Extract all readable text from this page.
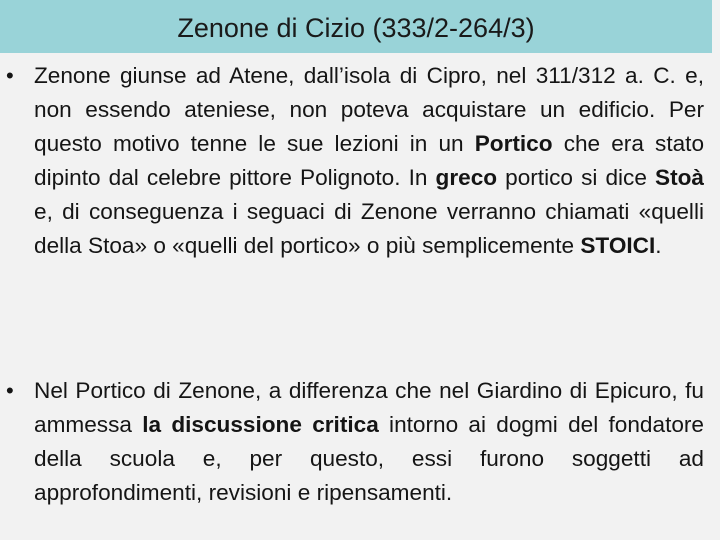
Zenone di Cizio (333/2-264/3)
• Zenone giunse ad Atene, dall’isola di Cipro, nel 311/312 a. C. e, non essendo ateniese, non poteva acquistare un edificio. Per questo motivo tenne le sue lezioni in un Portico che era stato dipinto dal celebre pittore Polignoto. In greco portico si dice Stoà e, di conseguenza i seguaci di Zenone verranno chiamati «quelli della Stoa» o «quelli del portico» o più semplicemente STOICI.
• Nel Portico di Zenone, a differenza che nel Giardino di Epicuro, fu ammessa la discussione critica intorno ai dogmi del fondatore della scuola e, per questo, essi furono soggetti ad approfondimenti, revisioni e ripensamenti.
